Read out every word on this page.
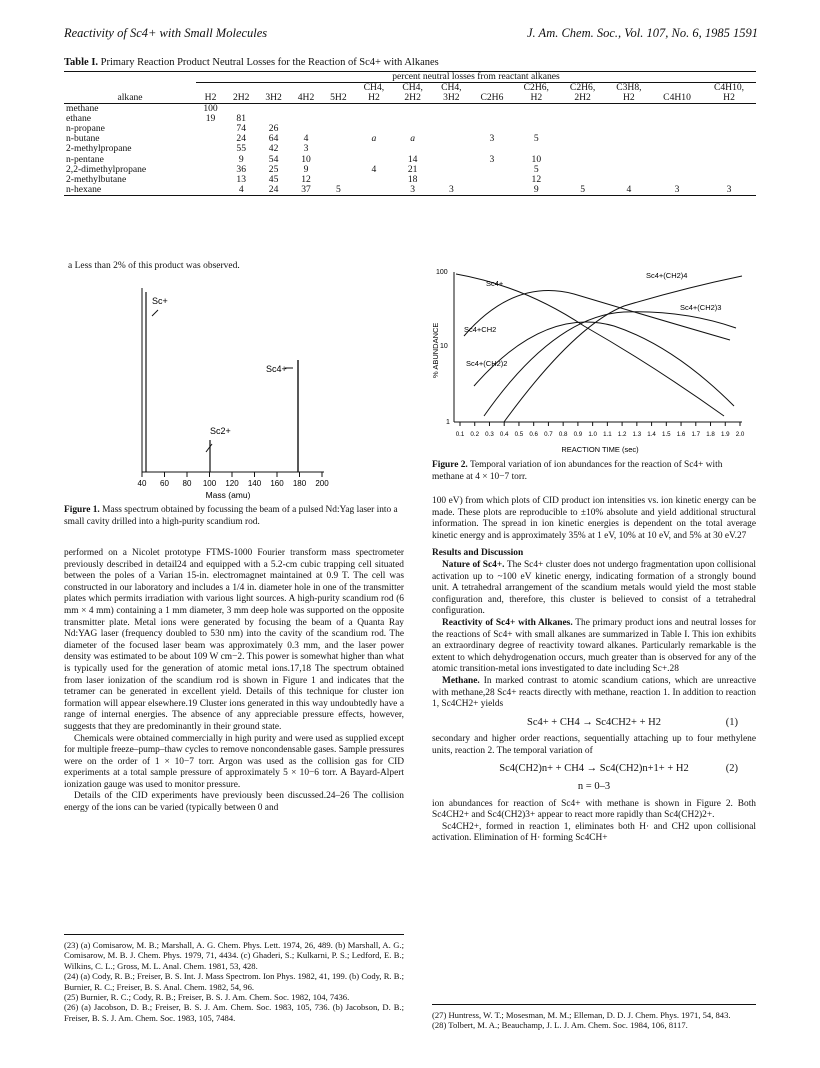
Reactivity of Sc4+ with Small Molecules	J. Am. Chem. Soc., Vol. 107, No. 6, 1985 1591
Table I. Primary Reaction Product Neutral Losses for the Reaction of Sc4+ with Alkanes
	percent neutral losses from reactant alkanes													
						CH4,	CH4,	CH4,		C2H6,	C2H6,	C3H8,		C4H10,
alkane	H2	2H2	3H2	4H2	5H2	H2	2H2	3H2	C2H6	H2	2H2	H2	C4H10	H2
methane	100													
ethane	19	81												
n-propane		74	26											
n-butane		24	64	4		a	a		3	5				
2-methylpropane		55	42	3										
n-pentane		9	54	10			14		3	10				
2,2-dimethylpropane		36	25	9		4	21			5				
2-methylbutane		13	45	12			18			12				
n-hexane		4	24	37	5		3	3		9	5	4	3	3
a Less than 2% of this product was observed.
40 60 80 100 120 140 160 180 200
Sc+
Sc4+
Sc2+
Mass (amu)
Figure 1. Mass spectrum obtained by focussing the beam of a pulsed Nd:Yag laser into a small cavity drilled into a high-purity scandium rod.
100
10
1
% ABUNDANCE
0.1 0.2 0.3 0.4 0.5 0.6 0.7 0.8 0.9 1.0 1.1 1.2 1.3 1.4 1.5 1.6 1.7 1.8 1.9 2.0
REACTION TIME (sec)
Sc4+
Sc4+CH2
Sc4+(CH2)2
Sc4+(CH2)3
Sc4+(CH2)4
Figure 2. Temporal variation of ion abundances for the reaction of Sc4+ with methane at 4 × 10−7 torr.

performed on a Nicolet prototype FTMS-1000 Fourier transform mass spectrometer previously described in detail24 and equipped with a 5.2-cm cubic trapping cell situated between the poles of a Varian 15-in. electromagnet maintained at 0.9 T. The cell was constructed in our laboratory and includes a 1/4 in. diameter hole in one of the transmitter plates which permits irradiation with various light sources. A high-purity scandium rod (6 mm × 4 mm) containing a 1 mm diameter, 3 mm deep hole was supported on the opposite transmitter plate. Metal ions were generated by focusing the beam of a Quanta Ray Nd:YAG laser (frequency doubled to 530 nm) into the cavity of the scandium rod. The diameter of the focused laser beam was approximately 0.3 mm, and the laser power density was estimated to be about 109 W cm−2. This power is somewhat higher than what is typically used for the generation of atomic metal ions.17,18 The spectrum obtained from laser ionization of the scandium rod is shown in Figure 1 and indicates that the tetramer can be generated in excellent yield. Details of this technique for cluster ion formation will appear elsewhere.19 Cluster ions generated in this way undoubtedly have a range of internal energies. The absence of any appreciable pressure effects, however, suggests that they are predominantly in their ground state.

Chemicals were obtained commercially in high purity and were used as supplied except for multiple freeze–pump–thaw cycles to remove noncondensable gases. Sample pressures were on the order of 1 × 10−7 torr. Argon was used as the collision gas for CID experiments at a total sample pressure of approximately 5 × 10−6 torr. A Bayard-Alpert ionization gauge was used to monitor pressure.

Details of the CID experiments have previously been discussed.24–26 The collision energy of the ions can be varied (typically between 0 and

(23) (a) Comisarow, M. B.; Marshall, A. G. Chem. Phys. Lett. 1974, 26, 489. (b) Marshall, A. G.; Comisarow, M. B. J. Chem. Phys. 1979, 71, 4434. (c) Ghaderi, S.; Kulkarni, P. S.; Ledford, E. B.; Wilkins, C. L.; Gross, M. L. Anal. Chem. 1981, 53, 428.
(24) (a) Cody, R. B.; Freiser, B. S. Int. J. Mass Spectrom. Ion Phys. 1982, 41, 199. (b) Cody, R. B.; Burnier, R. C.; Freiser, B. S. Anal. Chem. 1982, 54, 96.
(25) Burnier, R. C.; Cody, R. B.; Freiser, B. S. J. Am. Chem. Soc. 1982, 104, 7436.
(26) (a) Jacobson, D. B.; Freiser, B. S. J. Am. Chem. Soc. 1983, 105, 736. (b) Jacobson, D. B.; Freiser, B. S. J. Am. Chem. Soc. 1983, 105, 7484.

100 eV) from which plots of CID product ion intensities vs. ion kinetic energy can be made. These plots are reproducible to ±10% absolute and yield additional structural information. The spread in ion kinetic energies is dependent on the total average kinetic energy and is approximately 35% at 1 eV, 10% at 10 eV, and 5% at 30 eV.27

Results and Discussion

Nature of Sc4+. The Sc4+ cluster does not undergo fragmentation upon collisional activation up to ~100 eV kinetic energy, indicating formation of a strongly bound unit. A tetrahedral arrangement of the scandium metals would yield the most stable configuration and, therefore, this cluster is believed to consist of a tetrahedral configuration.

Reactivity of Sc4+ with Alkanes. The primary product ions and neutral losses for the reactions of Sc4+ with small alkanes are summarized in Table I. This ion exhibits an extraordinary degree of reactivity toward alkanes. Particularly remarkable is the extent to which dehydrogenation occurs, much greater than is observed for any of the atomic transition-metal ions investigated to date including Sc+.28

Methane. In marked contrast to atomic scandium cations, which are unreactive with methane,28 Sc4+ reacts directly with methane, reaction 1. In addition to reaction 1, Sc4CH2+ yields

Sc4+ + CH4 → Sc4CH2+ + H2	(1)

secondary and higher order reactions, sequentially attaching up to four methylene units, reaction 2. The temporal variation of

Sc4(CH2)n+ + CH4 → Sc4(CH2)n+1+ + H2	(2)
n = 0–3

ion abundances for reaction of Sc4+ with methane is shown in Figure 2. Both Sc4CH2+ and Sc4(CH2)3+ appear to react more rapidly than Sc4(CH2)2+.

Sc4CH2+, formed in reaction 1, eliminates both H· and CH2 upon collisional activation. Elimination of H· forming Sc4CH+

(27) Huntress, W. T.; Mosesman, M. M.; Elleman, D. D. J. Chem. Phys. 1971, 54, 843.
(28) Tolbert, M. A.; Beauchamp, J. L. J. Am. Chem. Soc. 1984, 106, 8117.
